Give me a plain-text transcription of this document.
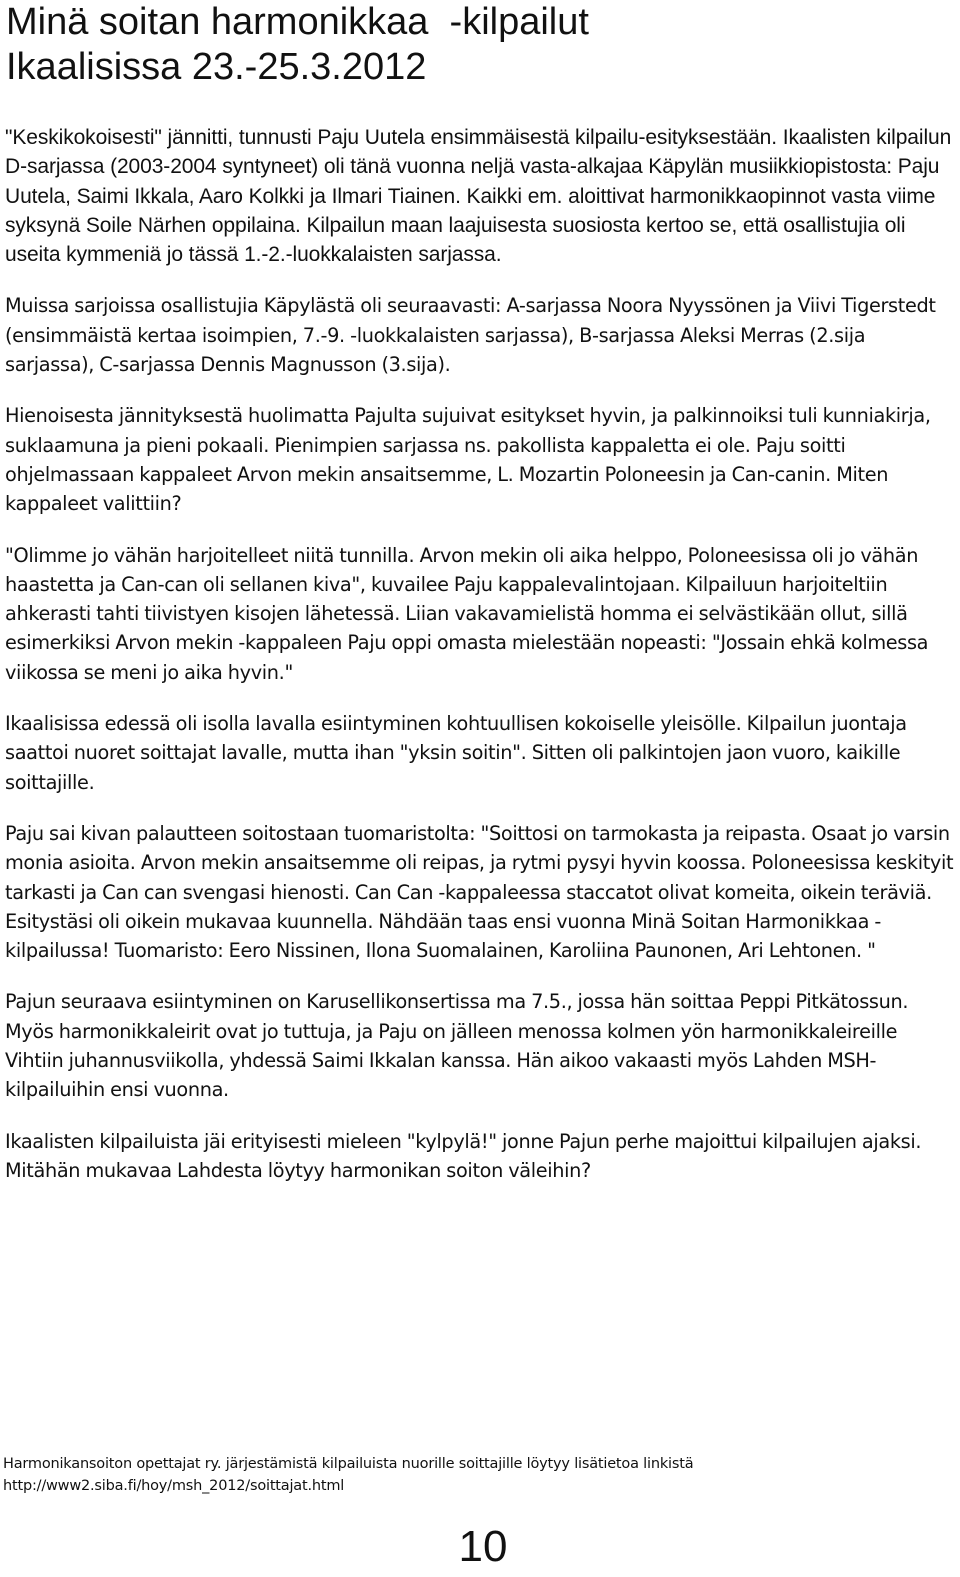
Minä soitan harmonikkaa  -kilpailut
Ikaalisissa 23.-25.3.2012

"Keskikokoisesti" jännitti, tunnusti Paju Uutela ensimmäisestä kilpailu-esityksestään. Ikaalisten kilpailun D-sarjassa (2003-2004 syntyneet) oli tänä vuonna neljä vasta-alkajaa Käpylän musiikkiopistosta: Paju Uutela, Saimi Ikkala, Aaro Kolkki ja Ilmari Tiainen. Kaikki em. aloittivat harmonikkaopinnot vasta viime syksynä Soile Närhen oppilaina. Kilpailun maan laajuisesta suosiosta kertoo se, että osallistujia oli useita kymmeniä jo tässä 1.-2.-luokkalaisten sarjassa.

Muissa sarjoissa osallistujia Käpylästä oli seuraavasti: A-sarjassa Noora Nyyssönen ja Viivi Tigerstedt (ensimmäistä kertaa isoimpien, 7.-9. -luokkalaisten sarjassa), B-sarjassa Aleksi Merras (2.sija sarjassa), C-sarjassa Dennis Magnusson (3.sija).

Hienoisesta jännityksestä huolimatta Pajulta sujuivat esitykset hyvin, ja palkinnoiksi tuli kunniakirja, suklaamuna ja pieni pokaali. Pienimpien sarjassa ns. pakollista kappaletta ei ole. Paju soitti ohjelmassaan kappaleet Arvon mekin ansaitsemme, L. Mozartin Poloneesin ja Can-canin. Miten kappaleet valittiin?

"Olimme jo vähän harjoitelleet niitä tunnilla. Arvon mekin oli aika helppo, Poloneesissa oli jo vähän haastetta ja Can-can oli sellanen kiva", kuvailee Paju kappalevalintojaan. Kilpailuun harjoiteltiin ahkerasti tahti tiivistyen kisojen lähetessä. Liian vakavamielistä homma ei selvästikään ollut, sillä esimerkiksi Arvon mekin -kappaleen Paju oppi omasta mielestään nopeasti: "Jossain ehkä kolmessa viikossa se meni jo aika hyvin."

Ikaalisissa edessä oli isolla lavalla esiintyminen kohtuullisen kokoiselle yleisölle. Kilpailun juontaja saattoi nuoret soittajat lavalle, mutta ihan "yksin soitin". Sitten oli palkintojen jaon vuoro, kaikille soittajille.

Paju sai kivan palautteen soitostaan tuomaristolta: "Soittosi on tarmokasta ja reipasta. Osaat jo varsin monia asioita. Arvon mekin ansaitsemme oli reipas, ja rytmi pysyi hyvin koossa. Poloneesissa keskityit tarkasti ja Can can svengasi hienosti. Can Can -kappaleessa staccatot olivat komeita, oikein teräviä. Esitystäsi oli oikein mukavaa kuunnella. Nähdään taas ensi vuonna Minä Soitan Harmonikkaa -kilpailussa! Tuomaristo: Eero Nissinen, Ilona Suomalainen, Karoliina Paunonen, Ari Lehtonen. "

Pajun seuraava esiintyminen on Karusellikonsertissa ma 7.5., jossa hän soittaa Peppi Pitkätossun. Myös harmonikkaleirit ovat jo tuttuja, ja Paju on jälleen menossa kolmen yön harmonikkaleireille Vihtiin juhannusviikolla, yhdessä Saimi Ikkalan kanssa. Hän aikoo vakaasti myös Lahden MSH-kilpailuihin ensi vuonna.

Ikaalisten kilpailuista jäi erityisesti mieleen "kylpylä!" jonne Pajun perhe majoittui kilpailujen ajaksi. Mitähän mukavaa Lahdesta löytyy harmonikan soiton väleihin?

Harmonikansoiton opettajat ry. järjestämistä kilpailuista nuorille soittajille löytyy lisätietoa linkistä
http://www2.siba.fi/hoy/msh_2012/soittajat.html
10
